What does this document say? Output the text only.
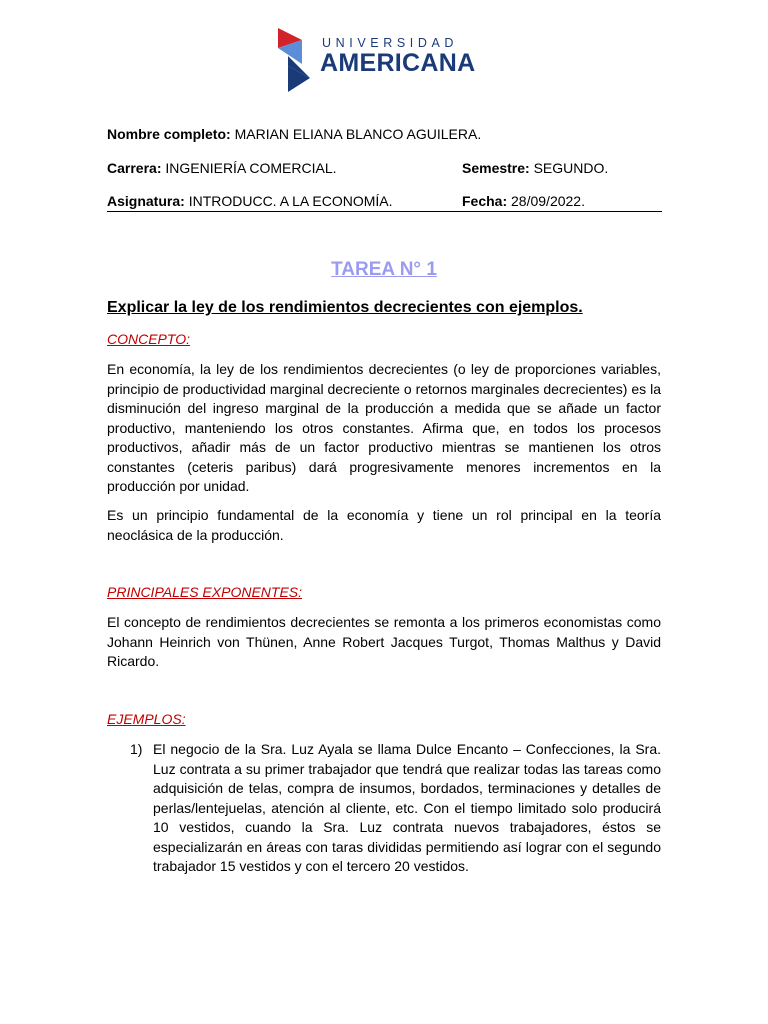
UNIVERSIDAD
AMERICANA
Nombre completo: MARIAN ELIANA BLANCO AGUILERA.
Carrera: INGENIERÍA COMERCIAL.	Semestre: SEGUNDO.
Asignatura: INTRODUCC. A LA ECONOMÍA.	Fecha: 28/09/2022.
TAREA N° 1
Explicar la ley de los rendimientos decrecientes con ejemplos.
CONCEPTO:
En economía, la ley de los rendimientos decrecientes (o ley de proporciones variables, principio de productividad marginal decreciente o retornos marginales decrecientes) es la disminución del ingreso marginal de la producción a medida que se añade un factor productivo, manteniendo los otros constantes. Afirma que, en todos los procesos productivos, añadir más de un factor productivo mientras se mantienen los otros constantes (ceteris paribus) dará progresivamente menores incrementos en la producción por unidad.
Es un principio fundamental de la economía y tiene un rol principal en la teoría neoclásica de la producción.
PRINCIPALES EXPONENTES:
El concepto de rendimientos decrecientes se remonta a los primeros economistas como Johann Heinrich von Thünen, Anne Robert Jacques Turgot, Thomas Malthus y David Ricardo.
EJEMPLOS:
1) El negocio de la Sra. Luz Ayala se llama Dulce Encanto – Confecciones, la Sra. Luz contrata a su primer trabajador que tendrá que realizar todas las tareas como adquisición de telas, compra de insumos, bordados, terminaciones y detalles de perlas/lentejuelas, atención al cliente, etc. Con el tiempo limitado solo producirá 10 vestidos, cuando la Sra. Luz contrata nuevos trabajadores, éstos se especializarán en áreas con taras divididas permitiendo así lograr con el segundo trabajador 15 vestidos y con el tercero 20 vestidos.
